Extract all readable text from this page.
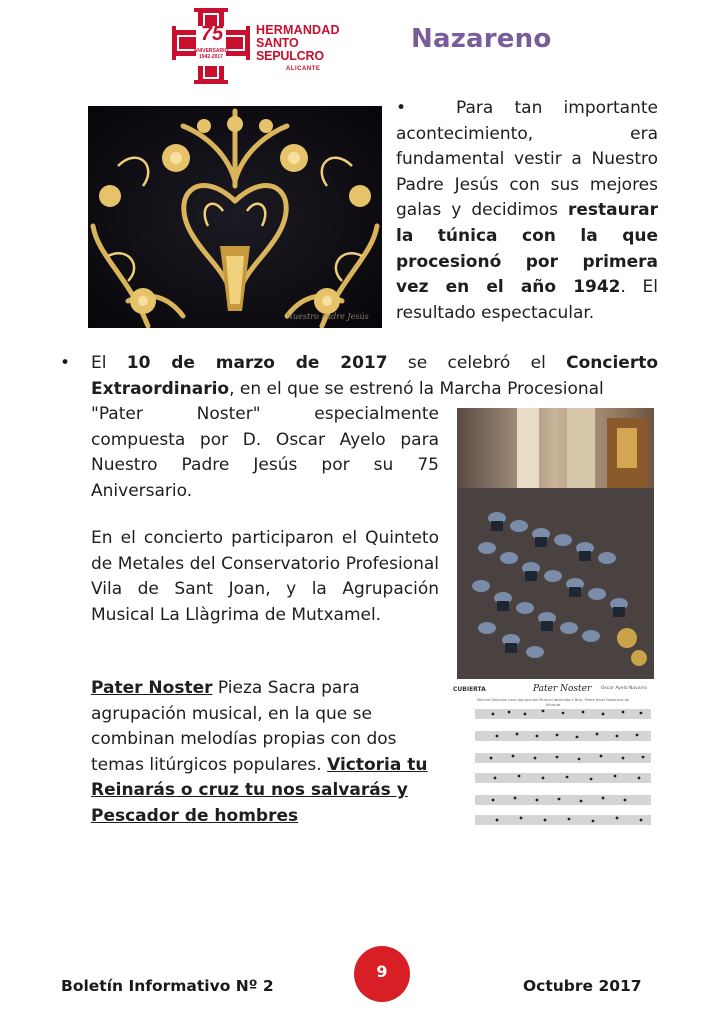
75
ANIVERSARIO 1942-2017
HERMANDAD
SANTO SEPULCRO
ALICANTE
Nazareno
Nuestro Padre Jesús
•	Para tan importante acontecimiento, era fundamental vestir a Nuestro Padre Jesús con sus mejores galas y decidimos restaurar la túnica con la que procesionó por primera vez en el año 1942. El resultado espectacular.
• El 10 de marzo de 2017 se celebró el Concierto Extraordinario, en el que se estrenó la Marcha Procesional
"Pater Noster" especialmente compuesta por D. Oscar Ayelo para Nuestro Padre Jesús por su 75 Aniversario.
En el concierto participaron el Quinteto de Metales del Conservatorio Profesional Vila de Sant Joan, y la Agrupación Musical La Llàgrima de Mutxamel.
Pater Noster Pieza Sacra para agrupación musical, en la que se combinan melodías propias con dos temas litúrgicos populares. Victoria tu Reinarás o cruz tu nos salvarás y Pescador de hombres
CUBIERTA	Pater Noster Oscar Ayelo Navarro
Marcha Dolorosa para Agrupación Musical dedicada a Ntro. Padre Jesús Nazareno de Alicante
Boletín Informativo Nº 2
9
Octubre 2017
